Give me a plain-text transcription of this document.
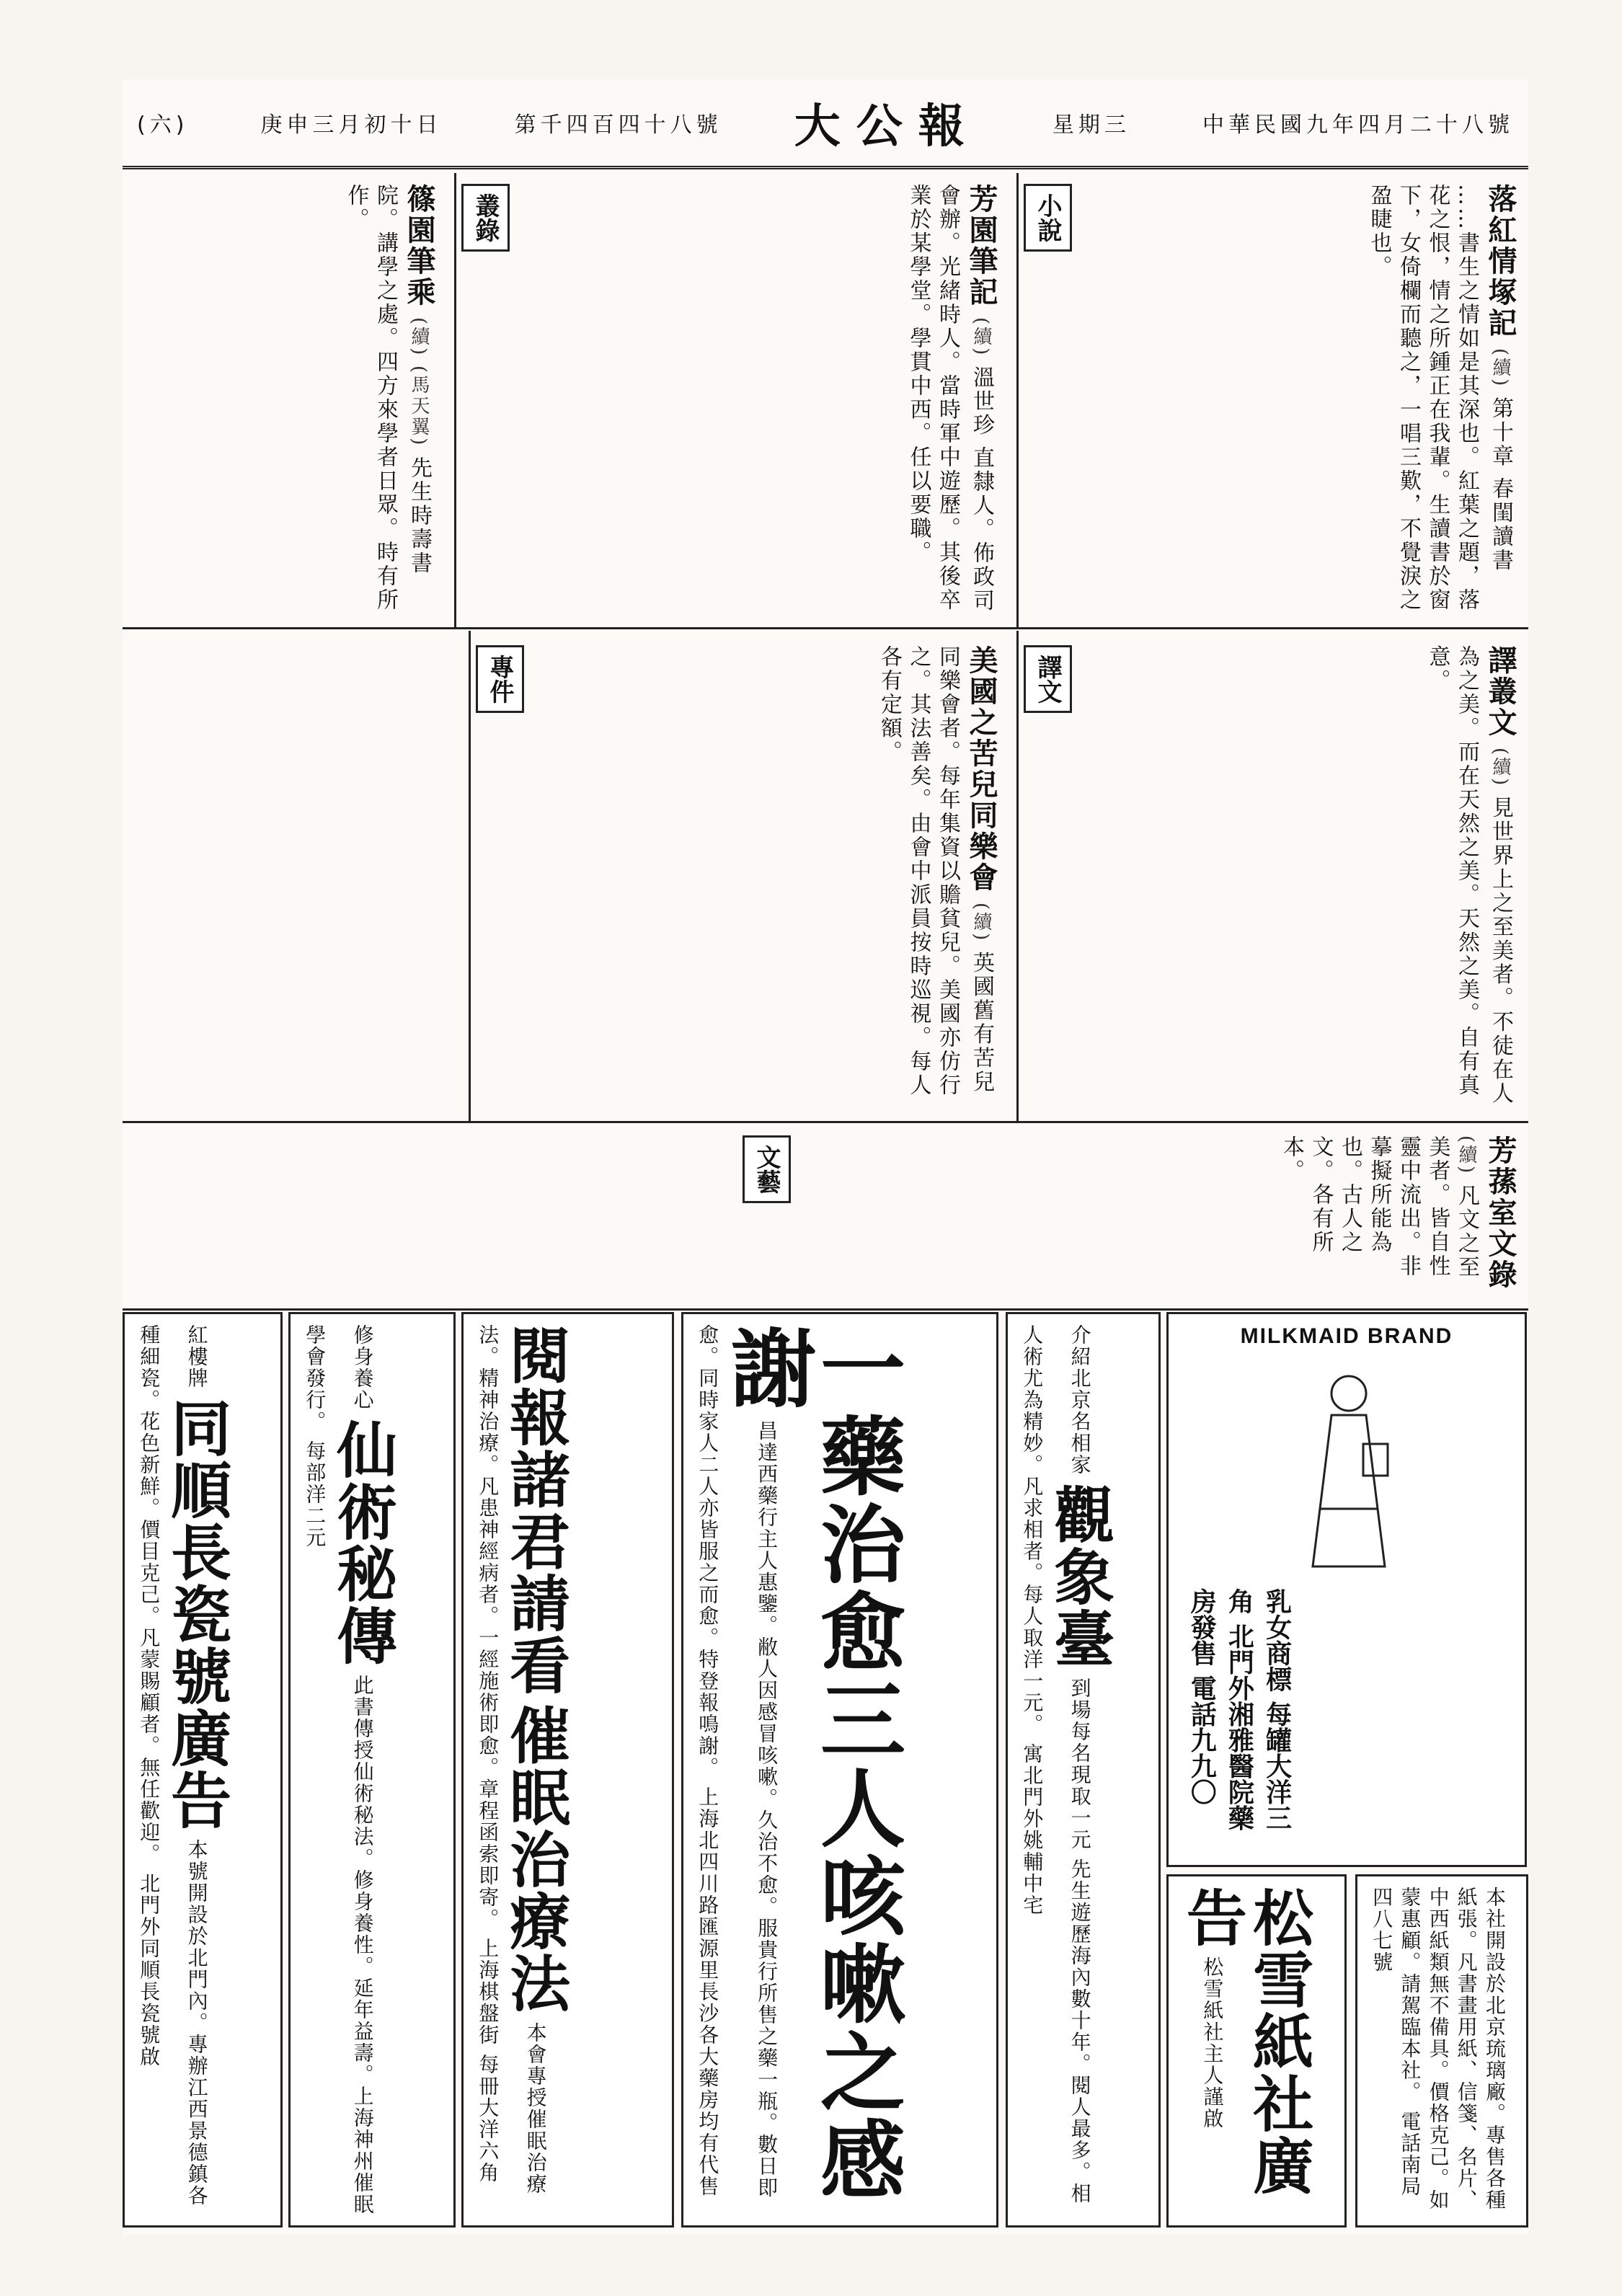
(六)	庚申三月初十日	第千四百四十八號 大公報	星期三	中華民國九年四月二十八號
落紅情塚記 (續) 第十章 春閨讀書 ……書生之情如是其深也。紅葉之題，落花之恨，情之所鍾正在我輩。生讀書於窗下，女倚欄而聽之，一唱三歎，不覺淚之盈睫也。
小說
芳園筆記 (續) 溫世珍 直隸人。佈政司會辦。光緒時人。當時軍中遊歷。其後卒業於某學堂。學貫中西。任以要職。
叢錄
篠園筆乘 (續) (馬天翼) 先生時壽書院。講學之處。四方來學者日眾。時有所作。
譯叢文 (續) 見世界上之至美者。不徒在人為之美。而在天然之美。天然之美。自有真意。
譯文
美國之苦兒同樂會 (續) 英國舊有苦兒同樂會者。每年集資以贍貧兒。美國亦仿行之。其法善矣。由會中派員按時巡視。每人各有定額。
專件
芳蓀室文錄 (續) 凡文之至美者。皆自性靈中流出。非摹擬所能為也。古人之文。各有所本。
文藝
本社開設於北京琉璃廠。專售各種紙張。凡書畫用紙、信箋、名片、中西紙類無不備具。價格克己。如蒙惠顧。請駕臨本社。 電話南局四八七號
松雪紙社廣告 松雪紙社主人謹啟
MILKMAID BRAND
乳女商標 每罐大洋三角 北門外湘雅醫院藥房發售 電話九九〇
介紹北京名相家 觀象臺 到場每名現取一元 先生遊歷海內數十年。閱人最多。相人術尤為精妙。凡求相者。每人取洋一元。 寓北門外姚輔中宅
一藥治愈三人咳嗽之感謝 昌達西藥行主人惠鑒。敝人因感冒咳嗽。久治不愈。服貴行所售之藥一瓶。數日即愈。同時家人二人亦皆服之而愈。特登報鳴謝。 上海北四川路匯源里長沙各大藥房均有代售
閱報諸君請看 催眠治療法 本會專授催眠治療法。精神治療。凡患神經病者。一經施術即愈。章程函索即寄。 上海棋盤街 每冊大洋六角
修身養心 仙術秘傳 此書傳授仙術秘法。修身養性。延年益壽。上海神州催眠學會發行。 每部洋二元
紅樓牌 同順長瓷號廣告 本號開設於北門內。專辦江西景德鎮各種細瓷。花色新鮮。價目克己。凡蒙賜顧者。無任歡迎。 北門外同順長瓷號啟
